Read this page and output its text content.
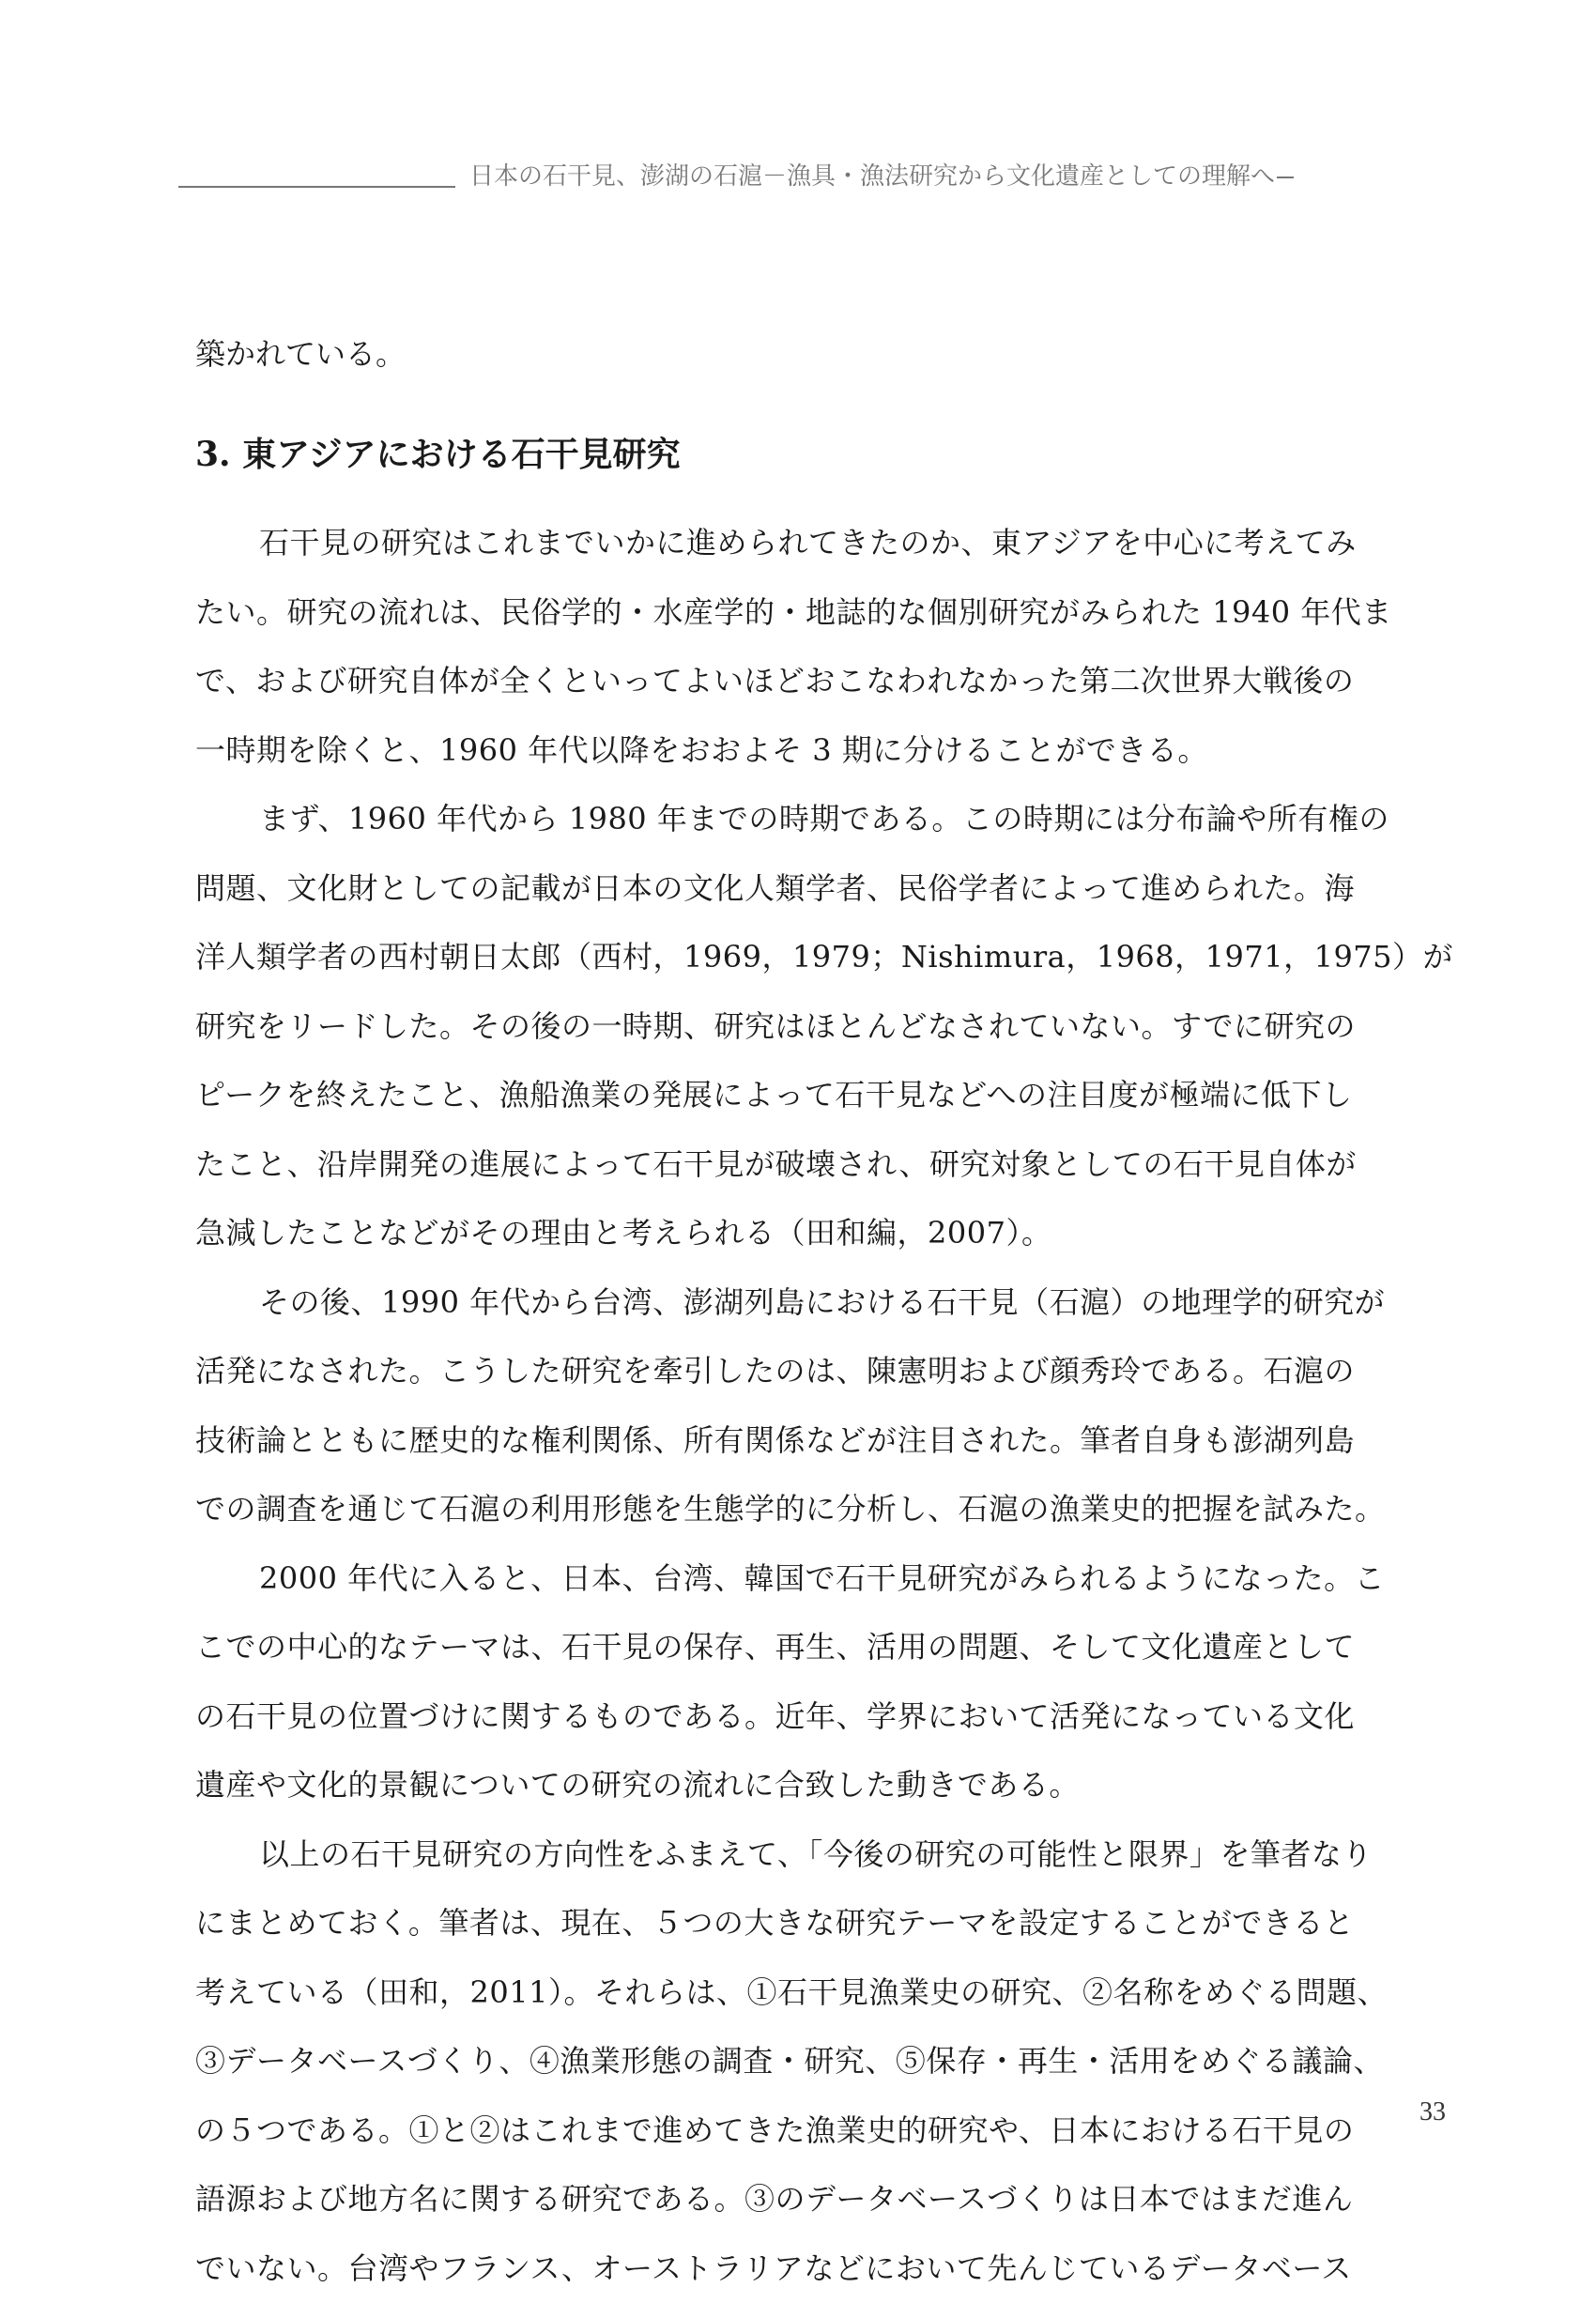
日本の石干見、澎湖の石滬－漁具・漁法研究から文化遺産としての理解へ

築かれている。

3. 東アジアにおける石干見研究
石干見の研究はこれまでいかに進められてきたのか、東アジアを中心に考えてみ
たい。研究の流れは、民俗学的・水産学的・地誌的な個別研究がみられた 1940 年代ま
で、および研究自体が全くといってよいほどおこなわれなかった第二次世界大戦後の
一時期を除くと、1960 年代以降をおおよそ 3 期に分けることができる。
まず、1960 年代から 1980 年までの時期である。この時期には分布論や所有権の
問題、文化財としての記載が日本の文化人類学者、民俗学者によって進められた。海
洋人類学者の西村朝日太郎（西村，1969，1979；Nishimura，1968，1971，1975）が
研究をリードした。その後の一時期、研究はほとんどなされていない。すでに研究の
ピークを終えたこと、漁船漁業の発展によって石干見などへの注目度が極端に低下し
たこと、沿岸開発の進展によって石干見が破壊され、研究対象としての石干見自体が
急減したことなどがその理由と考えられる（田和編，2007）。
その後、1990 年代から台湾、澎湖列島における石干見（石滬）の地理学的研究が
活発になされた。こうした研究を牽引したのは、陳憲明および顔秀玲である。石滬の
技術論とともに歴史的な権利関係、所有関係などが注目された。筆者自身も澎湖列島
での調査を通じて石滬の利用形態を生態学的に分析し、石滬の漁業史的把握を試みた。
2000 年代に入ると、日本、台湾、韓国で石干見研究がみられるようになった。こ
こでの中心的なテーマは、石干見の保存、再生、活用の問題、そして文化遺産として
の石干見の位置づけに関するものである。近年、学界において活発になっている文化
遺産や文化的景観についての研究の流れに合致した動きである。
以上の石干見研究の方向性をふまえて、「今後の研究の可能性と限界」を筆者なり
にまとめておく。筆者は、現在、５つの大きな研究テーマを設定することができると
考えている（田和，2011）。それらは、①石干見漁業史の研究、②名称をめぐる問題、
③データベースづくり、④漁業形態の調査・研究、⑤保存・再生・活用をめぐる議論、
の５つである。①と②はこれまで進めてきた漁業史的研究や、日本における石干見の
語源および地方名に関する研究である。③のデータベースづくりは日本ではまだ進ん
でいない。台湾やフランス、オーストラリアなどにおいて先んじているデータベース
33
